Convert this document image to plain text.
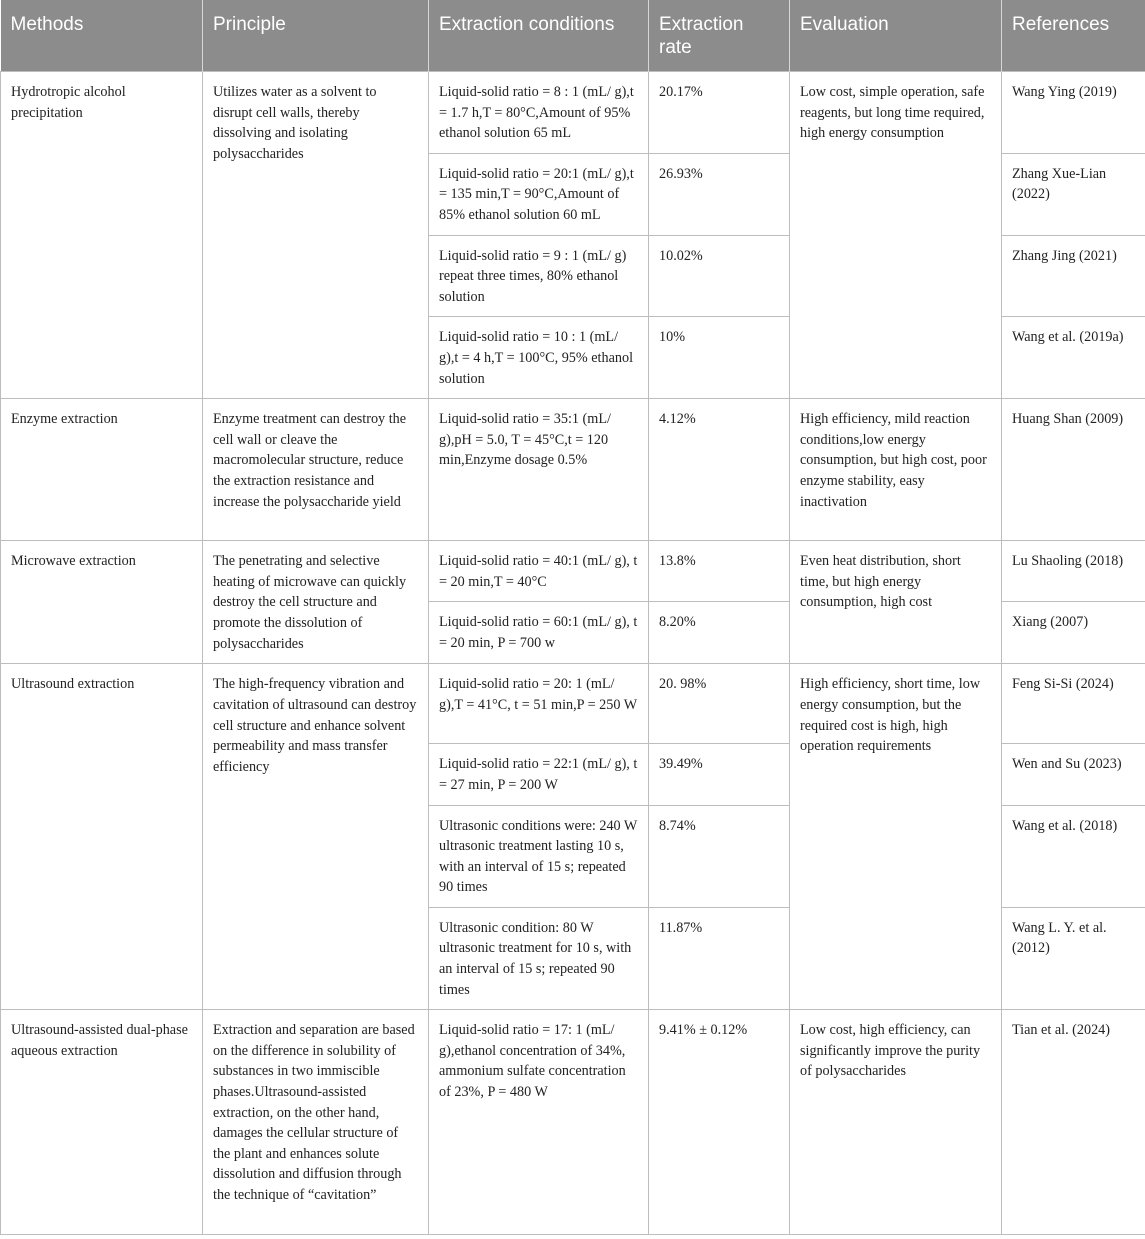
Methods	Principle	Extraction conditions	Extraction rate	Evaluation	References
Hydrotropic alcohol precipitation	Utilizes water as a solvent to disrupt cell walls, thereby dissolving and isolating polysaccharides	Liquid-solid ratio = 8 : 1 (mL/ g),t = 1.7 h,T = 80°C,Amount of 95% ethanol solution 65 mL	20.17%	Low cost, simple operation, safe reagents, but long time required, high energy consumption	Wang Ying (2019)
		Liquid-solid ratio = 20:1 (mL/ g),t = 135 min,T = 90°C,Amount of 85% ethanol solution 60 mL	26.93%		Zhang Xue-Lian (2022)
		Liquid-solid ratio = 9 : 1 (mL/ g) repeat three times, 80% ethanol solution	10.02%		Zhang Jing (2021)
		Liquid-solid ratio = 10 : 1 (mL/ g),t = 4 h,T = 100°C, 95% ethanol solution	10%		Wang et al. (2019a)
Enzyme extraction	Enzyme treatment can destroy the cell wall or cleave the macromolecular structure, reduce the extraction resistance and increase the polysaccharide yield	Liquid-solid ratio = 35:1 (mL/ g),pH = 5.0, T = 45°C,t = 120 min,Enzyme dosage 0.5%	4.12%	High efficiency, mild reaction conditions,low energy consumption, but high cost, poor enzyme stability, easy inactivation	Huang Shan (2009)
Microwave extraction	The penetrating and selective heating of microwave can quickly destroy the cell structure and promote the dissolution of polysaccharides	Liquid-solid ratio = 40:1 (mL/ g), t = 20 min,T = 40°C	13.8%	Even heat distribution, short time, but high energy consumption, high cost	Lu Shaoling (2018)
		Liquid-solid ratio = 60:1 (mL/ g), t = 20 min, P = 700 w	8.20%		Xiang (2007)
Ultrasound extraction	The high-frequency vibration and cavitation of ultrasound can destroy cell structure and enhance solvent permeability and mass transfer efficiency	Liquid-solid ratio = 20: 1 (mL/ g),T = 41°C, t = 51 min,P = 250 W	20. 98%	High efficiency, short time, low energy consumption, but the required cost is high, high operation requirements	Feng Si-Si (2024)
		Liquid-solid ratio = 22:1 (mL/ g), t = 27 min, P = 200 W	39.49%		Wen and Su (2023)
		Ultrasonic conditions were: 240 W ultrasonic treatment lasting 10 s, with an interval of 15 s; repeated 90 times	8.74%		Wang et al. (2018)
		Ultrasonic condition: 80 W ultrasonic treatment for 10 s, with an interval of 15 s; repeated 90 times	11.87%		Wang L. Y. et al. (2012)
Ultrasound-assisted dual-phase aqueous extraction	Extraction and separation are based on the difference in solubility of substances in two immiscible phases.Ultrasound-assisted extraction, on the other hand, damages the cellular structure of the plant and enhances solute dissolution and diffusion through the technique of “cavitation”	Liquid-solid ratio = 17: 1 (mL/ g),ethanol concentration of 34%, ammonium sulfate concentration of 23%, P = 480 W	9.41% ± 0.12%	Low cost, high efficiency, can significantly improve the purity of polysaccharides	Tian et al. (2024)
